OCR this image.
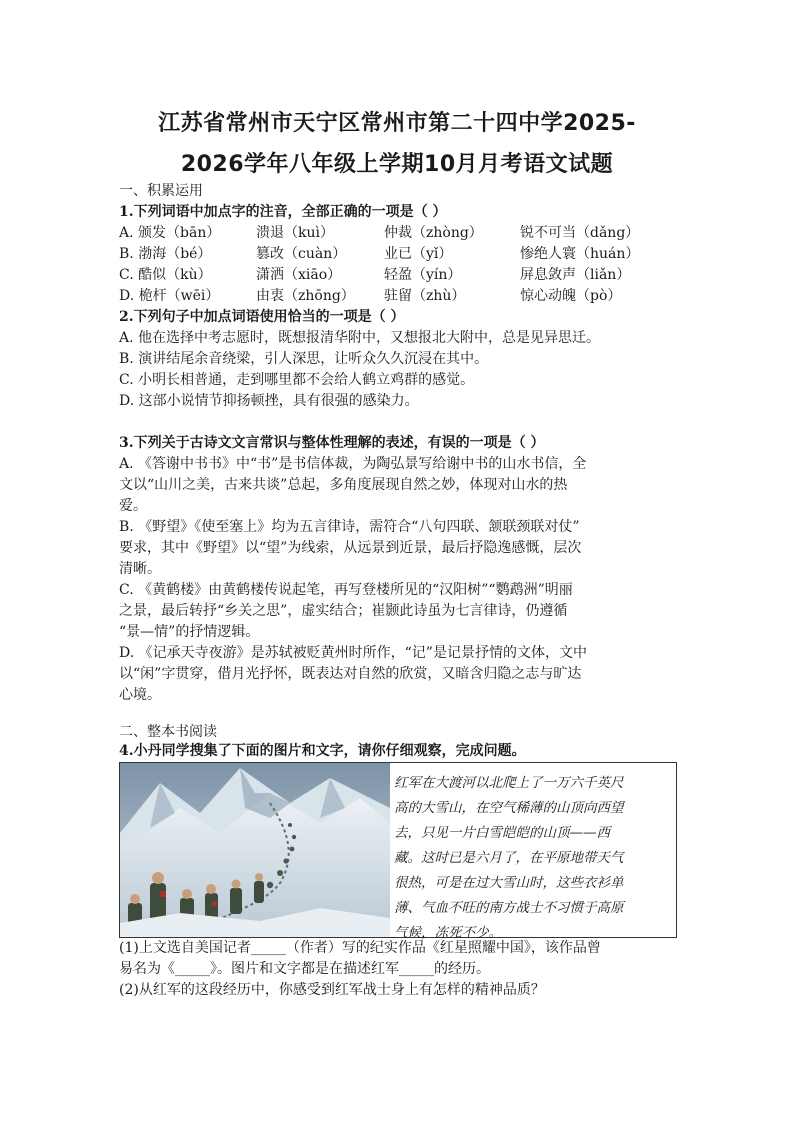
江苏省常州市天宁区常州市第二十四中学2025-
2026学年八年级上学期10月月考语文试题
一、积累运用
1.下列词语中加点字的注音，全部正确的一项是（ ）
A. 颁发（bān）	溃退（kuì）	仲裁（zhòng）	锐不可当（dǎng）
B. 渤海（bé）	篡改（cuàn）	业已（yǐ）	惨绝人寰（huán）
C. 酷似（kù）	潇洒（xiāo）	轻盈（yín）	屏息敛声（liǎn）
D. 桅杆（wēi）	由衷（zhōng）	驻留（zhù）	惊心动魄（pò）
2.下列句子中加点词语使用恰当的一项是（ ）
A. 他在选择中考志愿时，既想报清华附中，又想报北大附中，总是见异思迁。
B. 演讲结尾余音绕梁，引人深思，让听众久久沉浸在其中。
C. 小明长相普通，走到哪里都不会给人鹤立鸡群的感觉。
D. 这部小说情节抑扬顿挫，具有很强的感染力。
3.下列关于古诗文文言常识与整体性理解的表述，有误的一项是（ ）
A. 《答谢中书书》中“书”是书信体裁，为陶弘景写给谢中书的山水书信，全
文以“山川之美，古来共谈”总起，多角度展现自然之妙，体现对山水的热
爱。
B. 《野望》《使至塞上》均为五言律诗，需符合“八句四联、颔联颈联对仗”
要求，其中《野望》以“望”为线索，从远景到近景，最后抒隐逸感慨，层次
清晰。
C. 《黄鹤楼》由黄鹤楼传说起笔，再写登楼所见的“汉阳树”“鹦鹉洲”明丽
之景，最后转抒“乡关之思”，虚实结合；崔颢此诗虽为七言律诗，仍遵循
“景—情”的抒情逻辑。
D. 《记承天寺夜游》是苏轼被贬黄州时所作，“记”是记景抒情的文体，文中
以“闲”字贯穿，借月光抒怀，既表达对自然的欣赏，又暗含归隐之志与旷达
心境。
二、整本书阅读
4.小丹同学搜集了下面的图片和文字，请你仔细观察，完成问题。

红军在大渡河以北爬上了一万六千英尺

高的大雪山，在空气稀薄的山顶向西望

去，只见一片白雪皑皑的山顶——西

藏。这时已是六月了，在平原地带天气

很热，可是在过大雪山时，这些衣衫单

薄、气血不旺的南方战士不习惯于高原

气候，冻死不少。

(1)上文选自美国记者_____（作者）写的纪实作品《红星照耀中国》，该作品曾
易名为《_____》。图片和文字都是在描述红军_____的经历。
(2)从红军的这段经历中，你感受到红军战士身上有怎样的精神品质？
